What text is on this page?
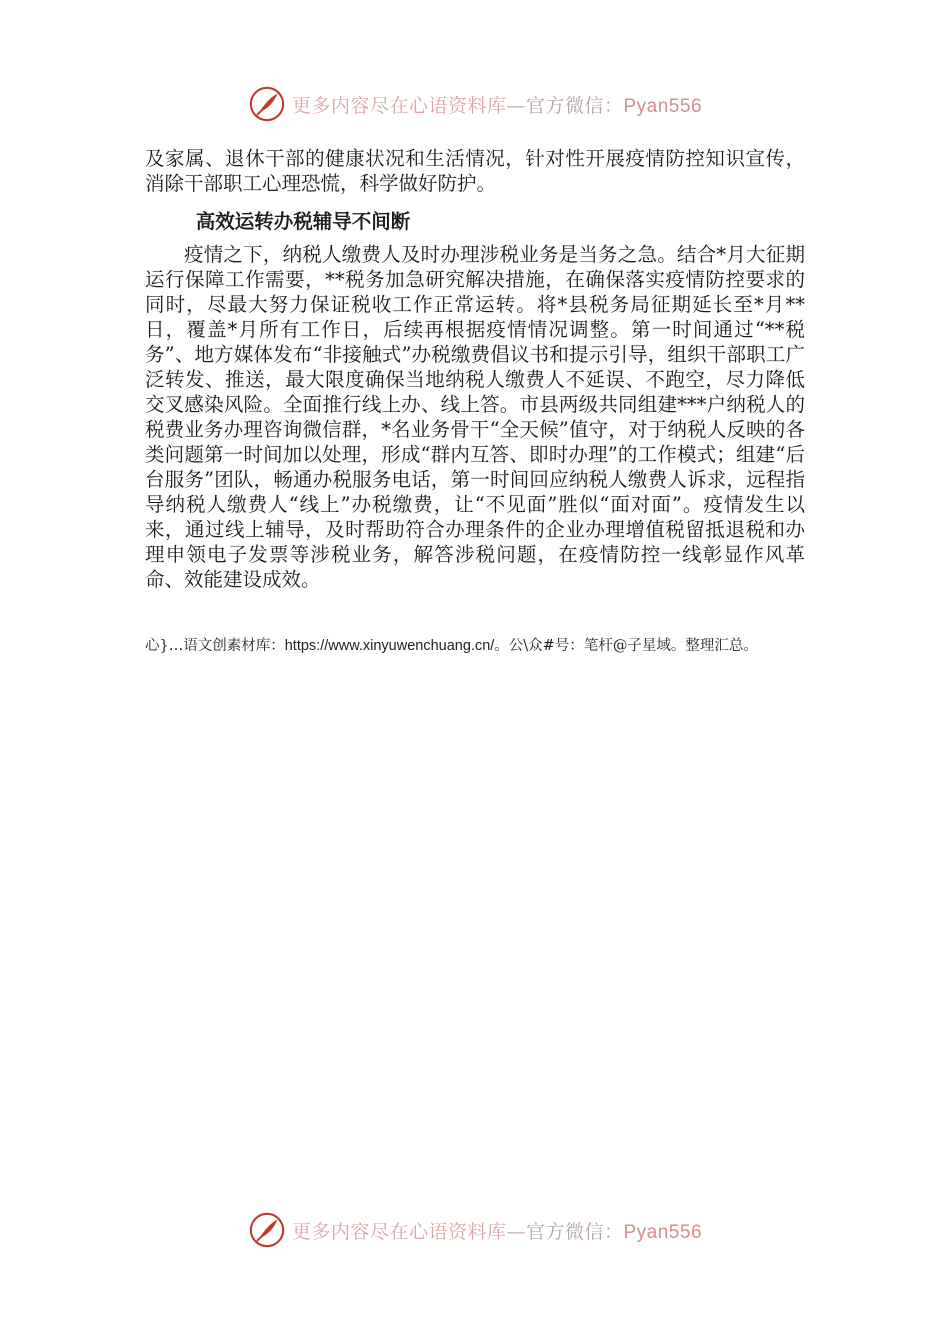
更多内容尽在心语资料库—官方微信：Pyan556

及家属、退休干部的健康状况和生活情况，针对性开展疫情防控知识宣传，消除干部职工心理恐慌，科学做好防护。

高效运转办税辅导不间断

疫情之下，纳税人缴费人及时办理涉税业务是当务之急。结合*月大征期运行保障工作需要，**税务加急研究解决措施，在确保落实疫情防控要求的同时，尽最大努力保证税收工作正常运转。将*县税务局征期延长至*月**日，覆盖*月所有工作日，后续再根据疫情情况调整。第一时间通过“**税务”、地方媒体发布“非接触式”办税缴费倡议书和提示引导，组织干部职工广泛转发、推送，最大限度确保当地纳税人缴费人不延误、不跑空，尽力降低交叉感染风险。全面推行线上办、线上答。市县两级共同组建***户纳税人的税费业务办理咨询微信群，*名业务骨干“全天候”值守，对于纳税人反映的各类问题第一时间加以处理，形成“群内互答、即时办理”的工作模式；组建“后台服务”团队，畅通办税服务电话，第一时间回应纳税人缴费人诉求，远程指导纳税人缴费人“线上”办税缴费，让“不见面”胜似“面对面”。疫情发生以来，通过线上辅导，及时帮助符合办理条件的企业办理增值税留抵退税和办理申领电子发票等涉税业务，解答涉税问题，在疫情防控一线彰显作风革命、效能建设成效。

心}…语文创素材库：https://www.xinyuwenchuang.cn/。公\众#号：笔杆@子星域。整理汇总。
更多内容尽在心语资料库—官方微信：Pyan556
